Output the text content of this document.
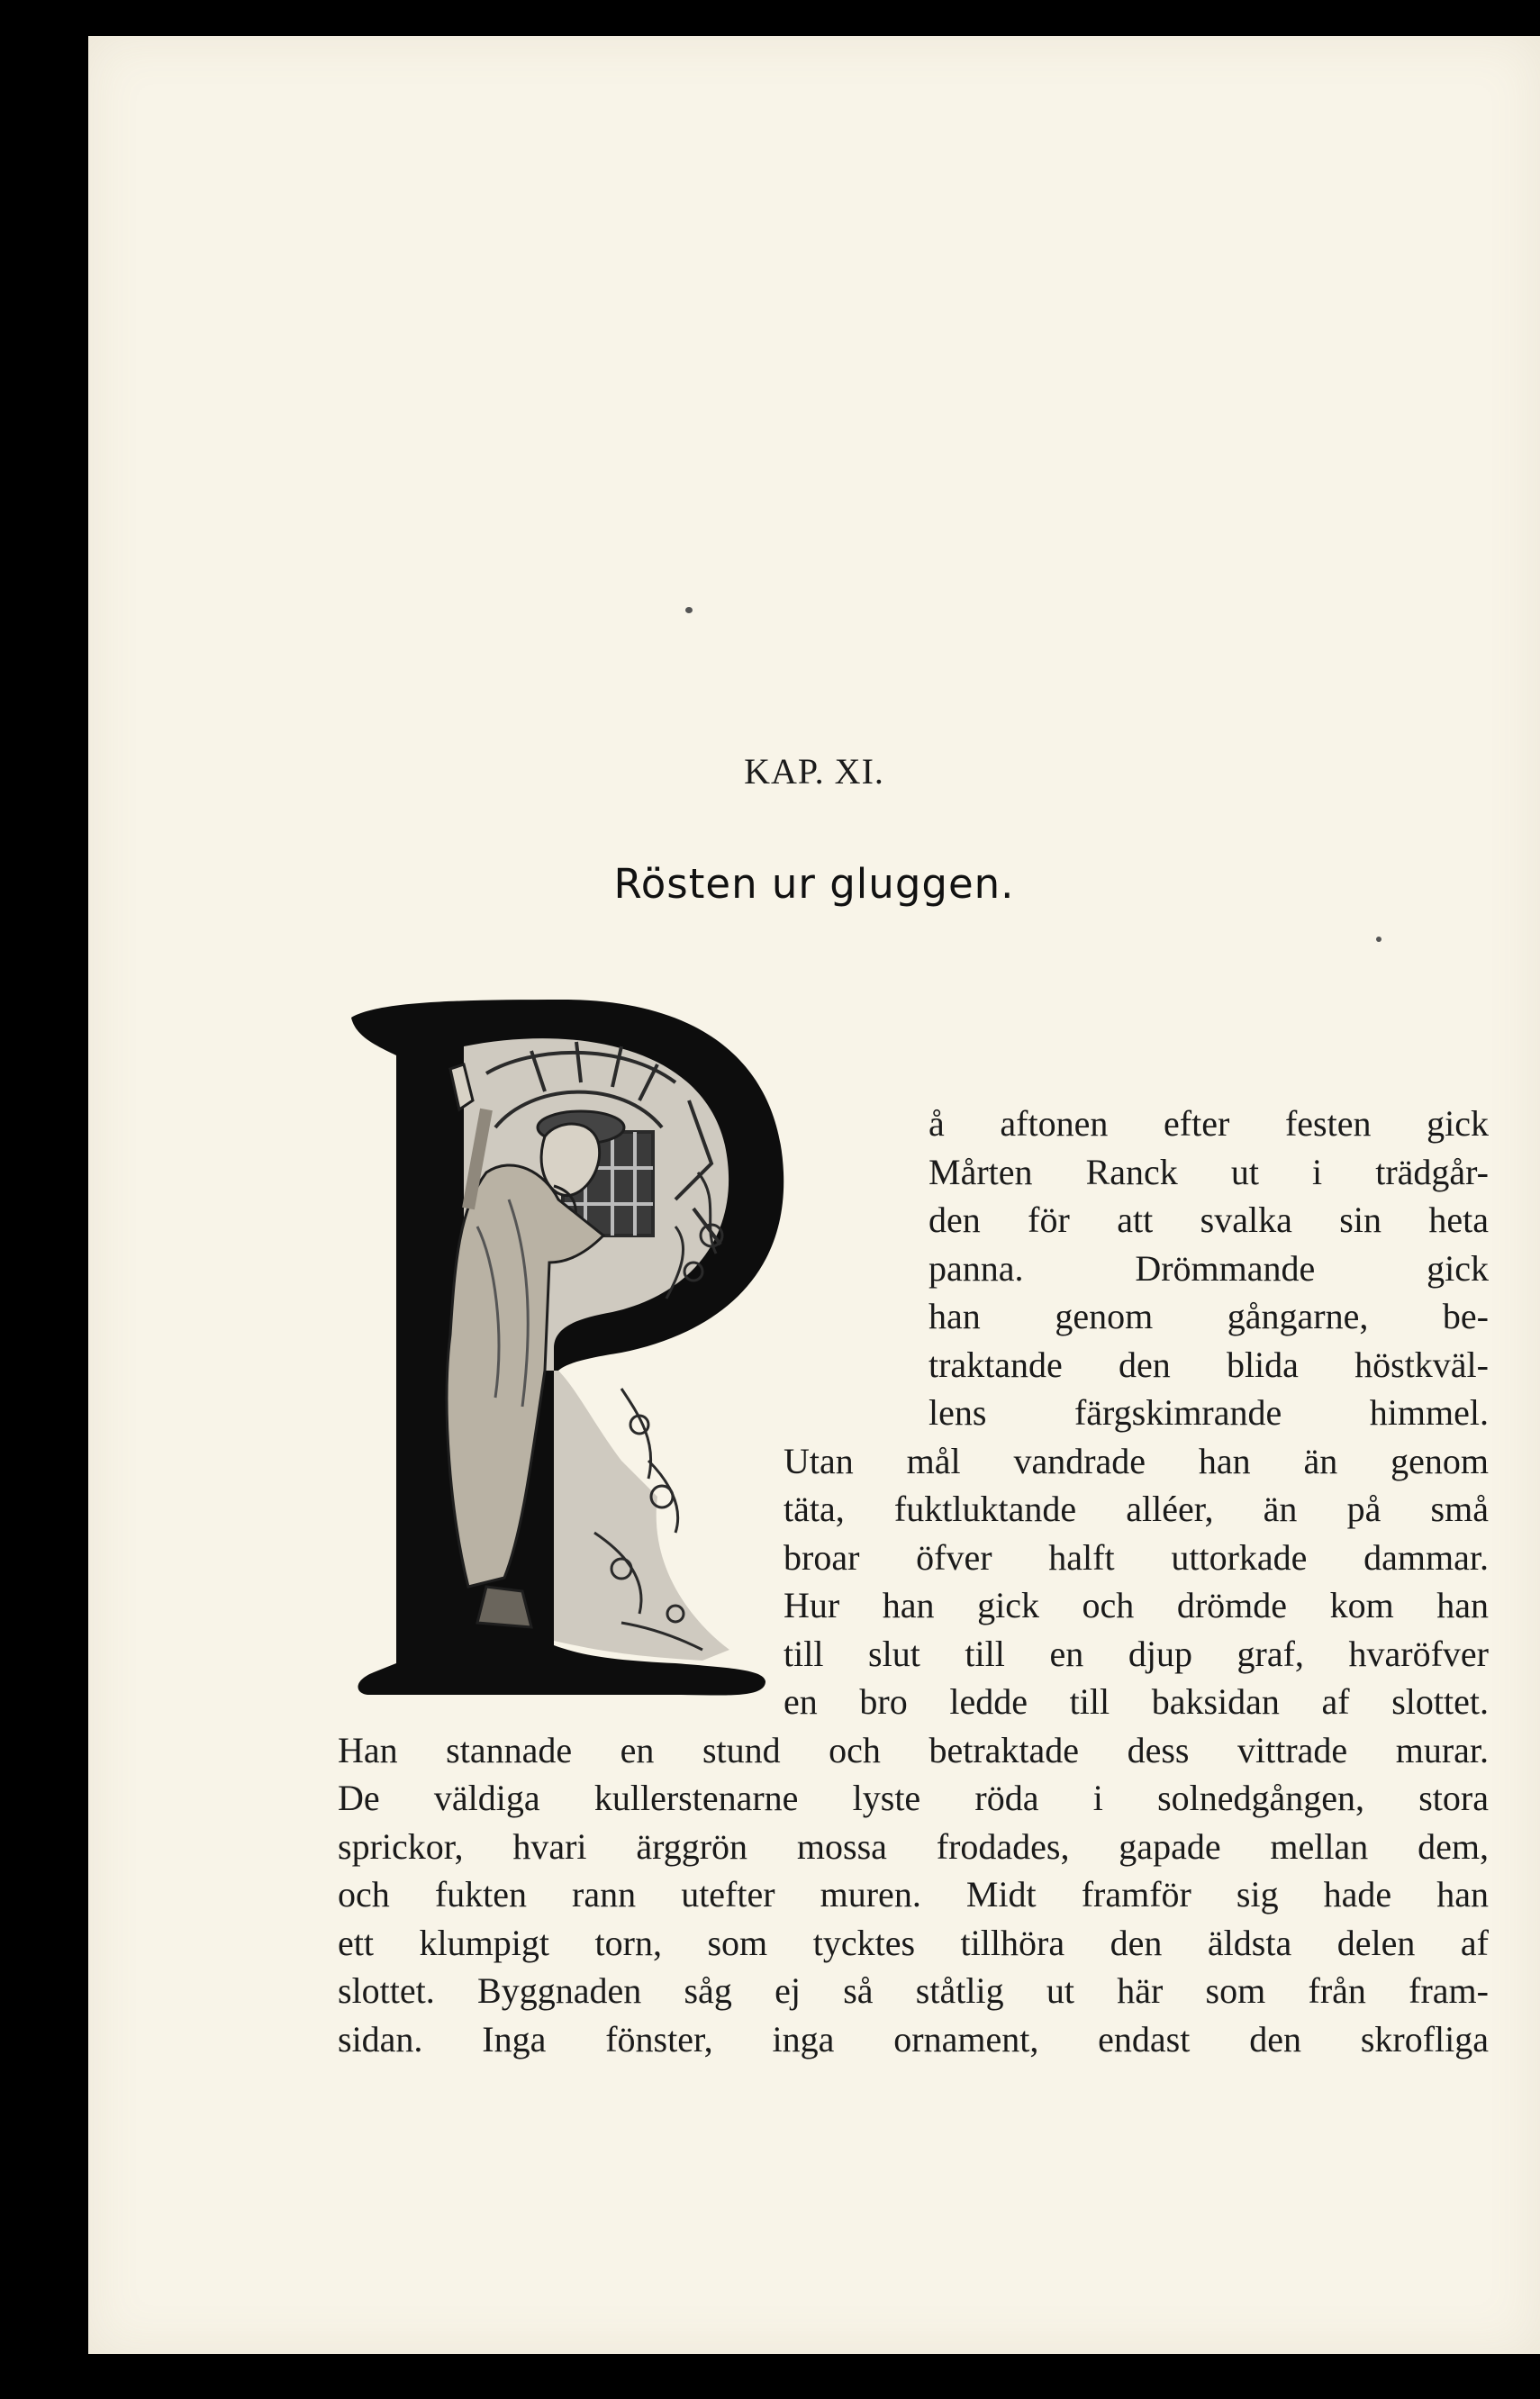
KAP. XI.
Rösten ur gluggen.
å aftonen efter festen gick
Mårten Ranck ut i trädgår-
den för att svalka sin heta
panna. Drömmande gick
han genom gångarne, be-
traktande den blida höstkväl-
lens färgskimrande himmel.
Utan mål vandrade han än genom
täta, fuktluktande alléer, än på små
broar öfver halft uttorkade dammar.
Hur han gick och drömde kom han
till slut till en djup graf, hvaröfver
en bro ledde till baksidan af slottet.
Han stannade en stund och betraktade dess vittrade murar.
De väldiga kullerstenarne lyste röda i solnedgången, stora
sprickor, hvari ärggrön mossa frodades, gapade mellan dem,
och fukten rann utefter muren. Midt framför sig hade han
ett klumpigt torn, som tycktes tillhöra den äldsta delen af
slottet. Byggnaden såg ej så ståtlig ut här som från fram-
sidan. Inga fönster, inga ornament, endast den skrofliga
